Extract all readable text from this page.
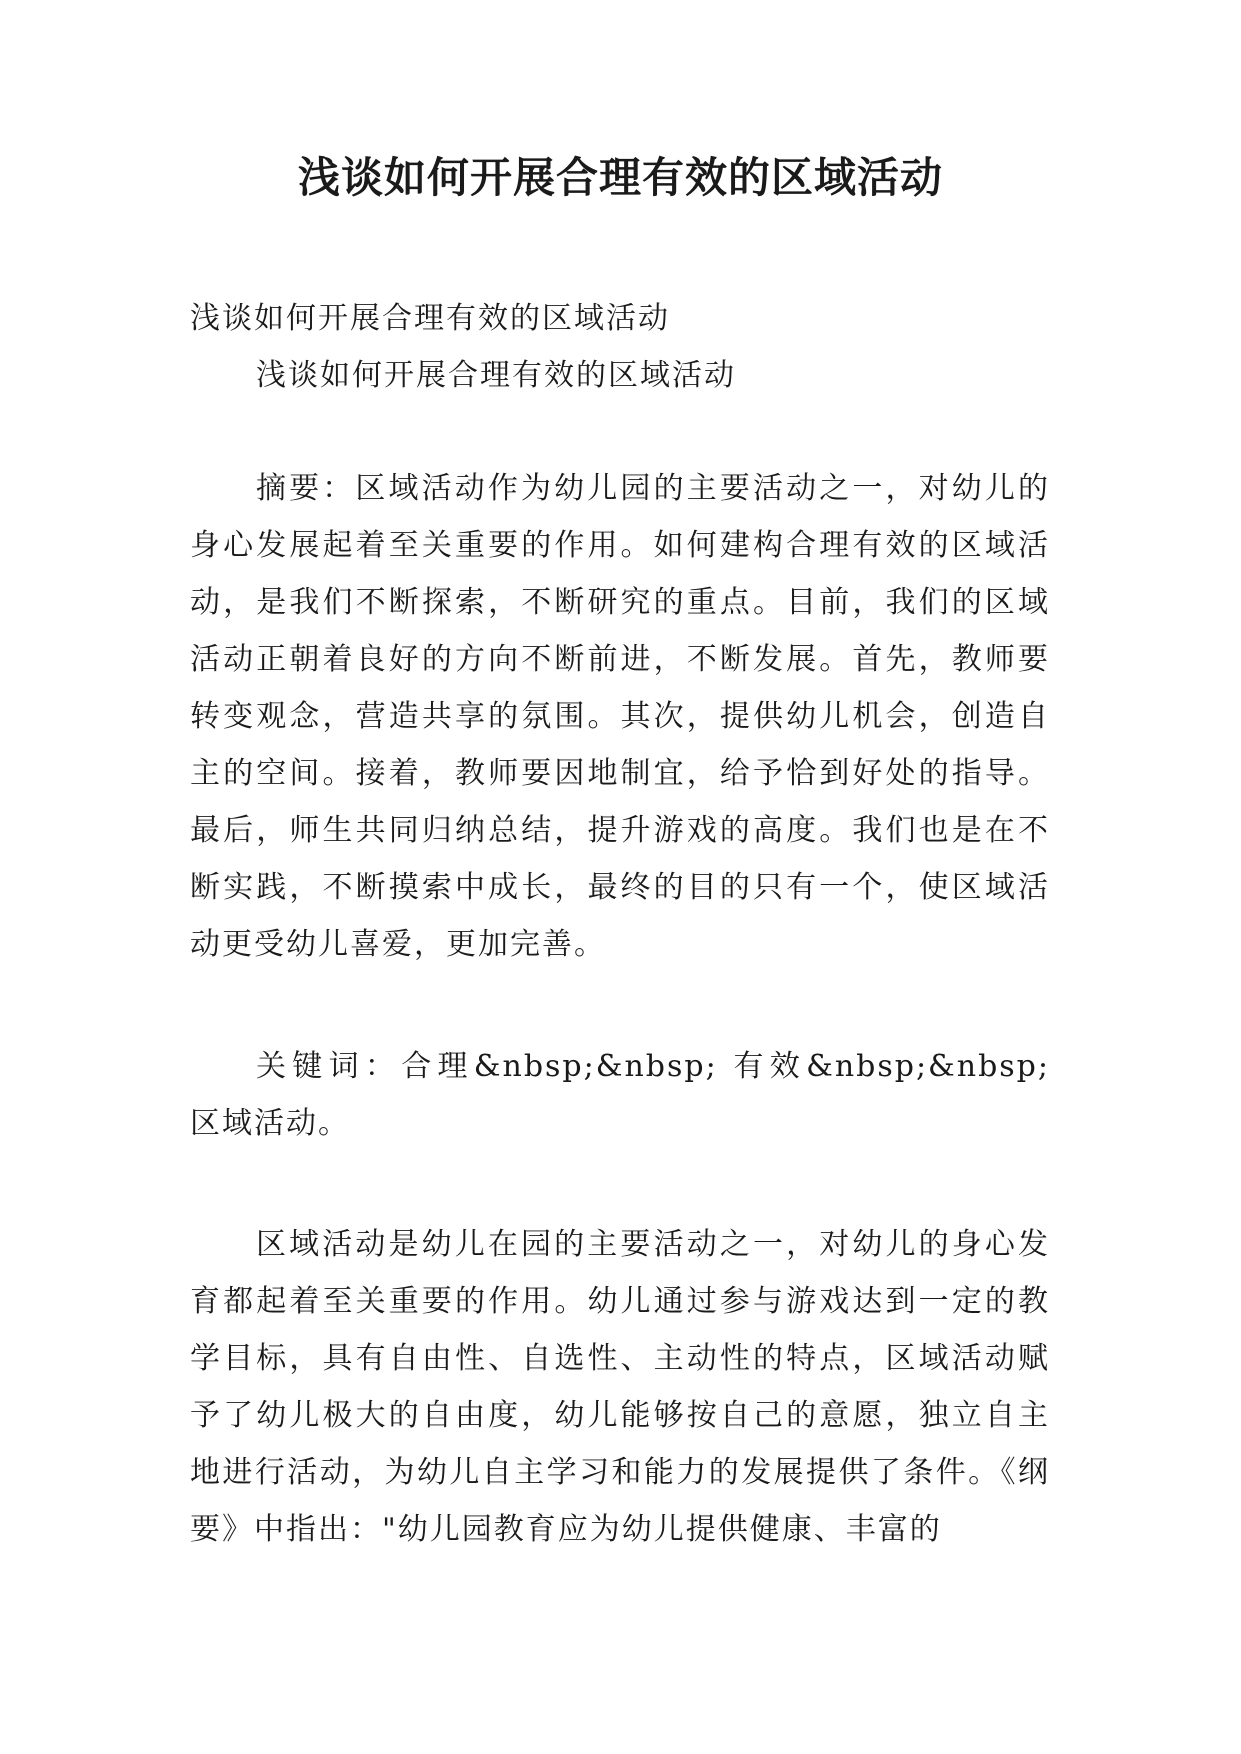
浅谈如何开展合理有效的区域活动

浅谈如何开展合理有效的区域活动

浅谈如何开展合理有效的区域活动

摘要：区域活动作为幼儿园的主要活动之一，对幼儿的身心发展起着至关重要的作用。如何建构合理有效的区域活动，是我们不断探索，不断研究的重点。目前，我们的区域活动正朝着良好的方向不断前进，不断发展。首先，教师要转变观念，营造共享的氛围。其次，提供幼儿机会，创造自主的空间。接着，教师要因地制宜，给予恰到好处的指导。最后，师生共同归纳总结，提升游戏的高度。我们也是在不断实践，不断摸索中成长，最终的目的只有一个，使区域活动更受幼儿喜爱，更加完善。

关键词：合理&nbsp;&nbsp; 有效&nbsp;&nbsp; 区域活动。

区域活动是幼儿在园的主要活动之一，对幼儿的身心发育都起着至关重要的作用。幼儿通过参与游戏达到一定的教学目标，具有自由性、自选性、主动性的特点，区域活动赋予了幼儿极大的自由度，幼儿能够按自己的意愿，独立自主地进行活动，为幼儿自主学习和能力的发展提供了条件。《纲要》中指出："幼儿园教育应为幼儿提供健康、丰富的
